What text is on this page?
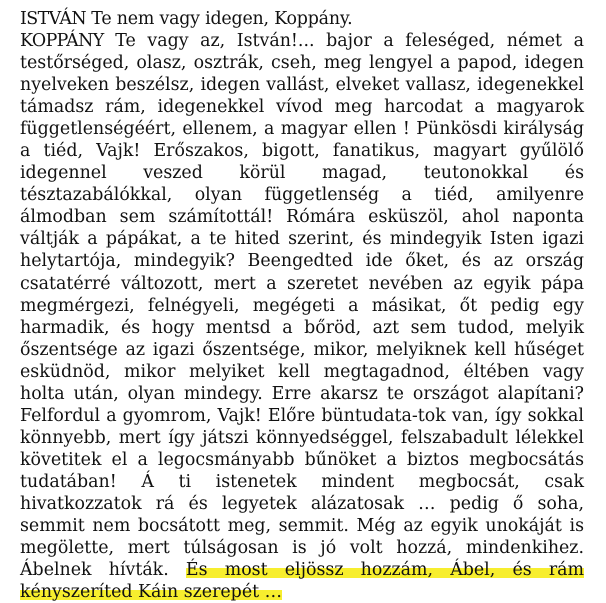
ISTVÁN Te nem vagy idegen, Koppány.
KOPPÁNY Te vagy az, István!... bajor a feleséged, német a testőrséged, olasz, osztrák, cseh, meg lengyel a papod, idegen nyelveken beszélsz, idegen vallást, elveket vallasz, idegenekkel támadsz rám, idegenekkel vívod meg harcodat a magyarok függetlenségéért, ellenem, a magyar ellen ! Pünkösdi királyság a tiéd, Vajk! Erőszakos, bigott, fanatikus, magyart gyűlölő idegennel veszed körül magad, teutonokkal és tésztazabálókkal, olyan függetlenség a tiéd, amilyenre álmodban sem számítottál! Rómára esküszöl, ahol naponta váltják a pápákat, a te hited szerint, és mindegyik Isten igazi helytartója, mindegyik? Beengedted ide őket, és az ország csatatérré változott, mert a szeretet nevében az egyik pápa megmérgezi, felnégyeli, megégeti a másikat, őt pedig egy harmadik, és hogy mentsd a bőröd, azt sem tudod, melyik őszentsége az igazi őszentsége, mikor, melyiknek kell hűséget esküdnöd, mikor melyiket kell megtagadnod, éltében vagy holta után, olyan mindegy. Erre akarsz te országot alapítani? Felfordul a gyomrom, Vajk! Előre büntudata-tok van, így sokkal könnyebb, mert így játszi könnyedséggel, felszabadult lélekkel követitek el a legocsmányabb bűnöket a biztos megbocsátás tudatában! Á ti istenetek mindent megbocsát, csak hivatkozzatok rá és legyetek alázatosak … pedig ő soha, semmit nem bocsátott meg, semmit. Még az egyik unokáját is megölette, mert túlságosan is jó volt hozzá, mindenkihez. Ábelnek hívták. És most eljössz hozzám, Ábel, és rám kényszeríted Káin szerepét …
